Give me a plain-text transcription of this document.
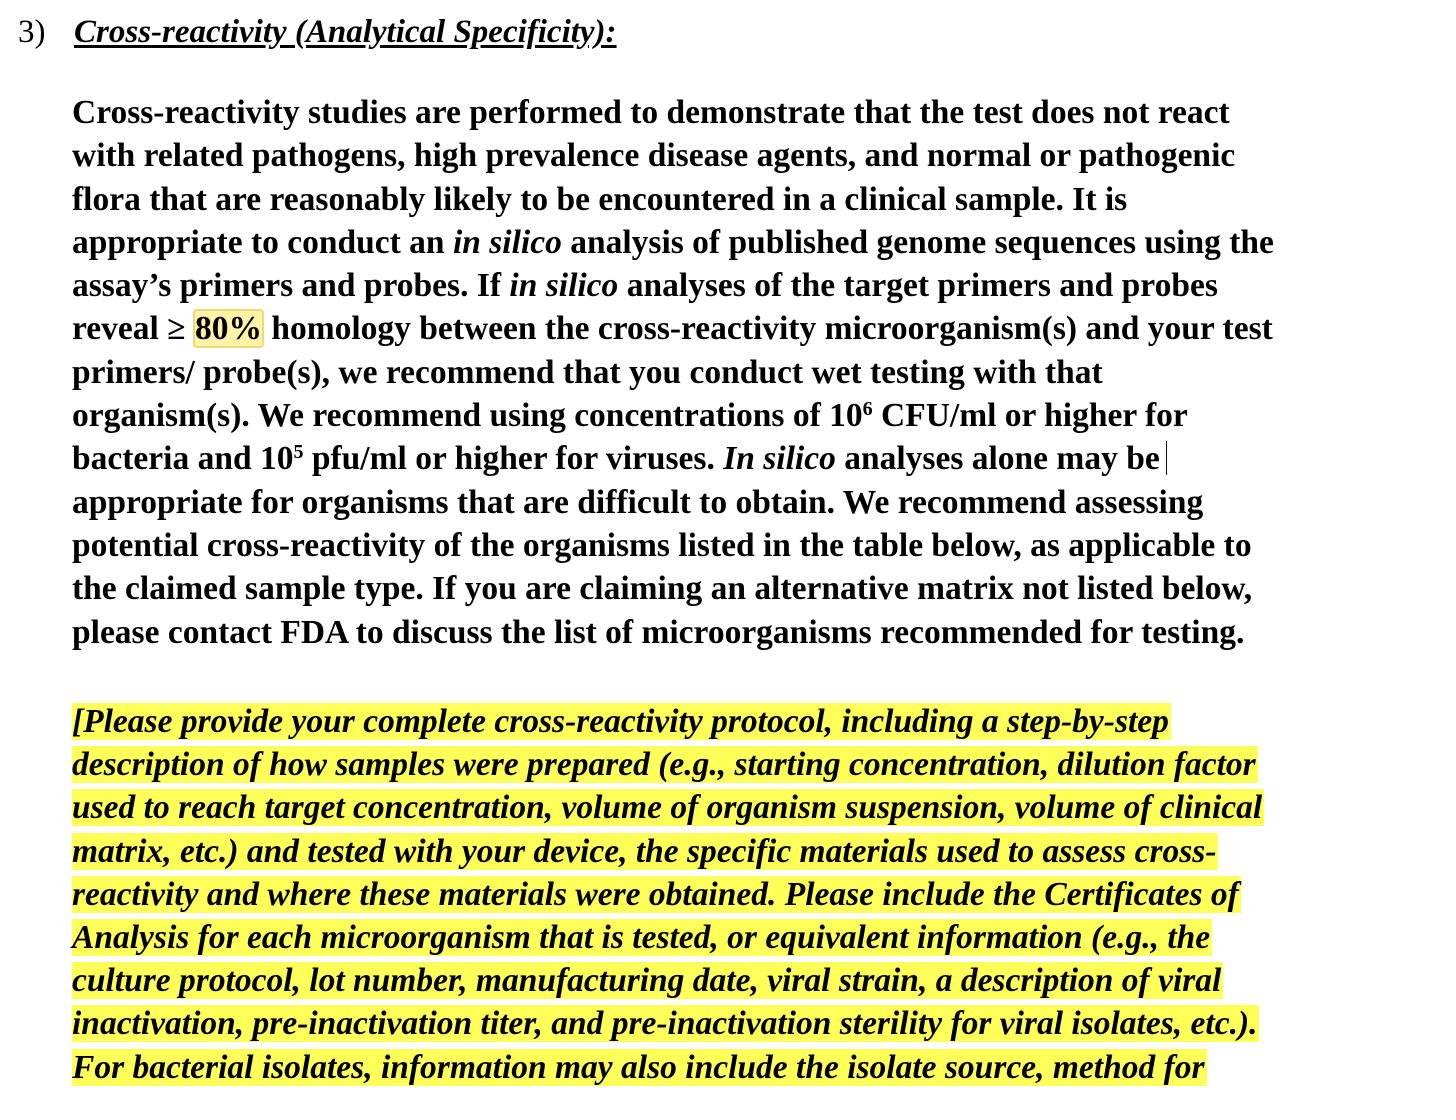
3) Cross-reactivity (Analytical Specificity):

Cross-reactivity studies are performed to demonstrate that the test does not react
with related pathogens, high prevalence disease agents, and normal or pathogenic
flora that are reasonably likely to be encountered in a clinical sample. It is
appropriate to conduct an in silico analysis of published genome sequences using the
assay’s primers and probes. If in silico analyses of the target primers and probes
reveal ≥ 80% homology between the cross-reactivity microorganism(s) and your test
primers/ probe(s), we recommend that you conduct wet testing with that
organism(s). We recommend using concentrations of $10^6$ CFU/ml or higher for
bacteria and $10^5$ pfu/ml or higher for viruses. In silico analyses alone may be
appropriate for organisms that are difficult to obtain. We recommend assessing
potential cross-reactivity of the organisms listed in the table below, as applicable to
the claimed sample type. If you are claiming an alternative matrix not listed below,
please contact FDA to discuss the list of microorganisms recommended for testing.

[Please provide your complete cross-reactivity protocol, including a step-by-step
description of how samples were prepared (e.g., starting concentration, dilution factor
used to reach target concentration, volume of organism suspension, volume of clinical
matrix, etc.) and tested with your device, the specific materials used to assess cross-
reactivity and where these materials were obtained. Please include the Certificates of
Analysis for each microorganism that is tested, or equivalent information (e.g., the
culture protocol, lot number, manufacturing date, viral strain, a description of viral
inactivation, pre-inactivation titer, and pre-inactivation sterility for viral isolates, etc.).
For bacterial isolates, information may also include the isolate source, method for
